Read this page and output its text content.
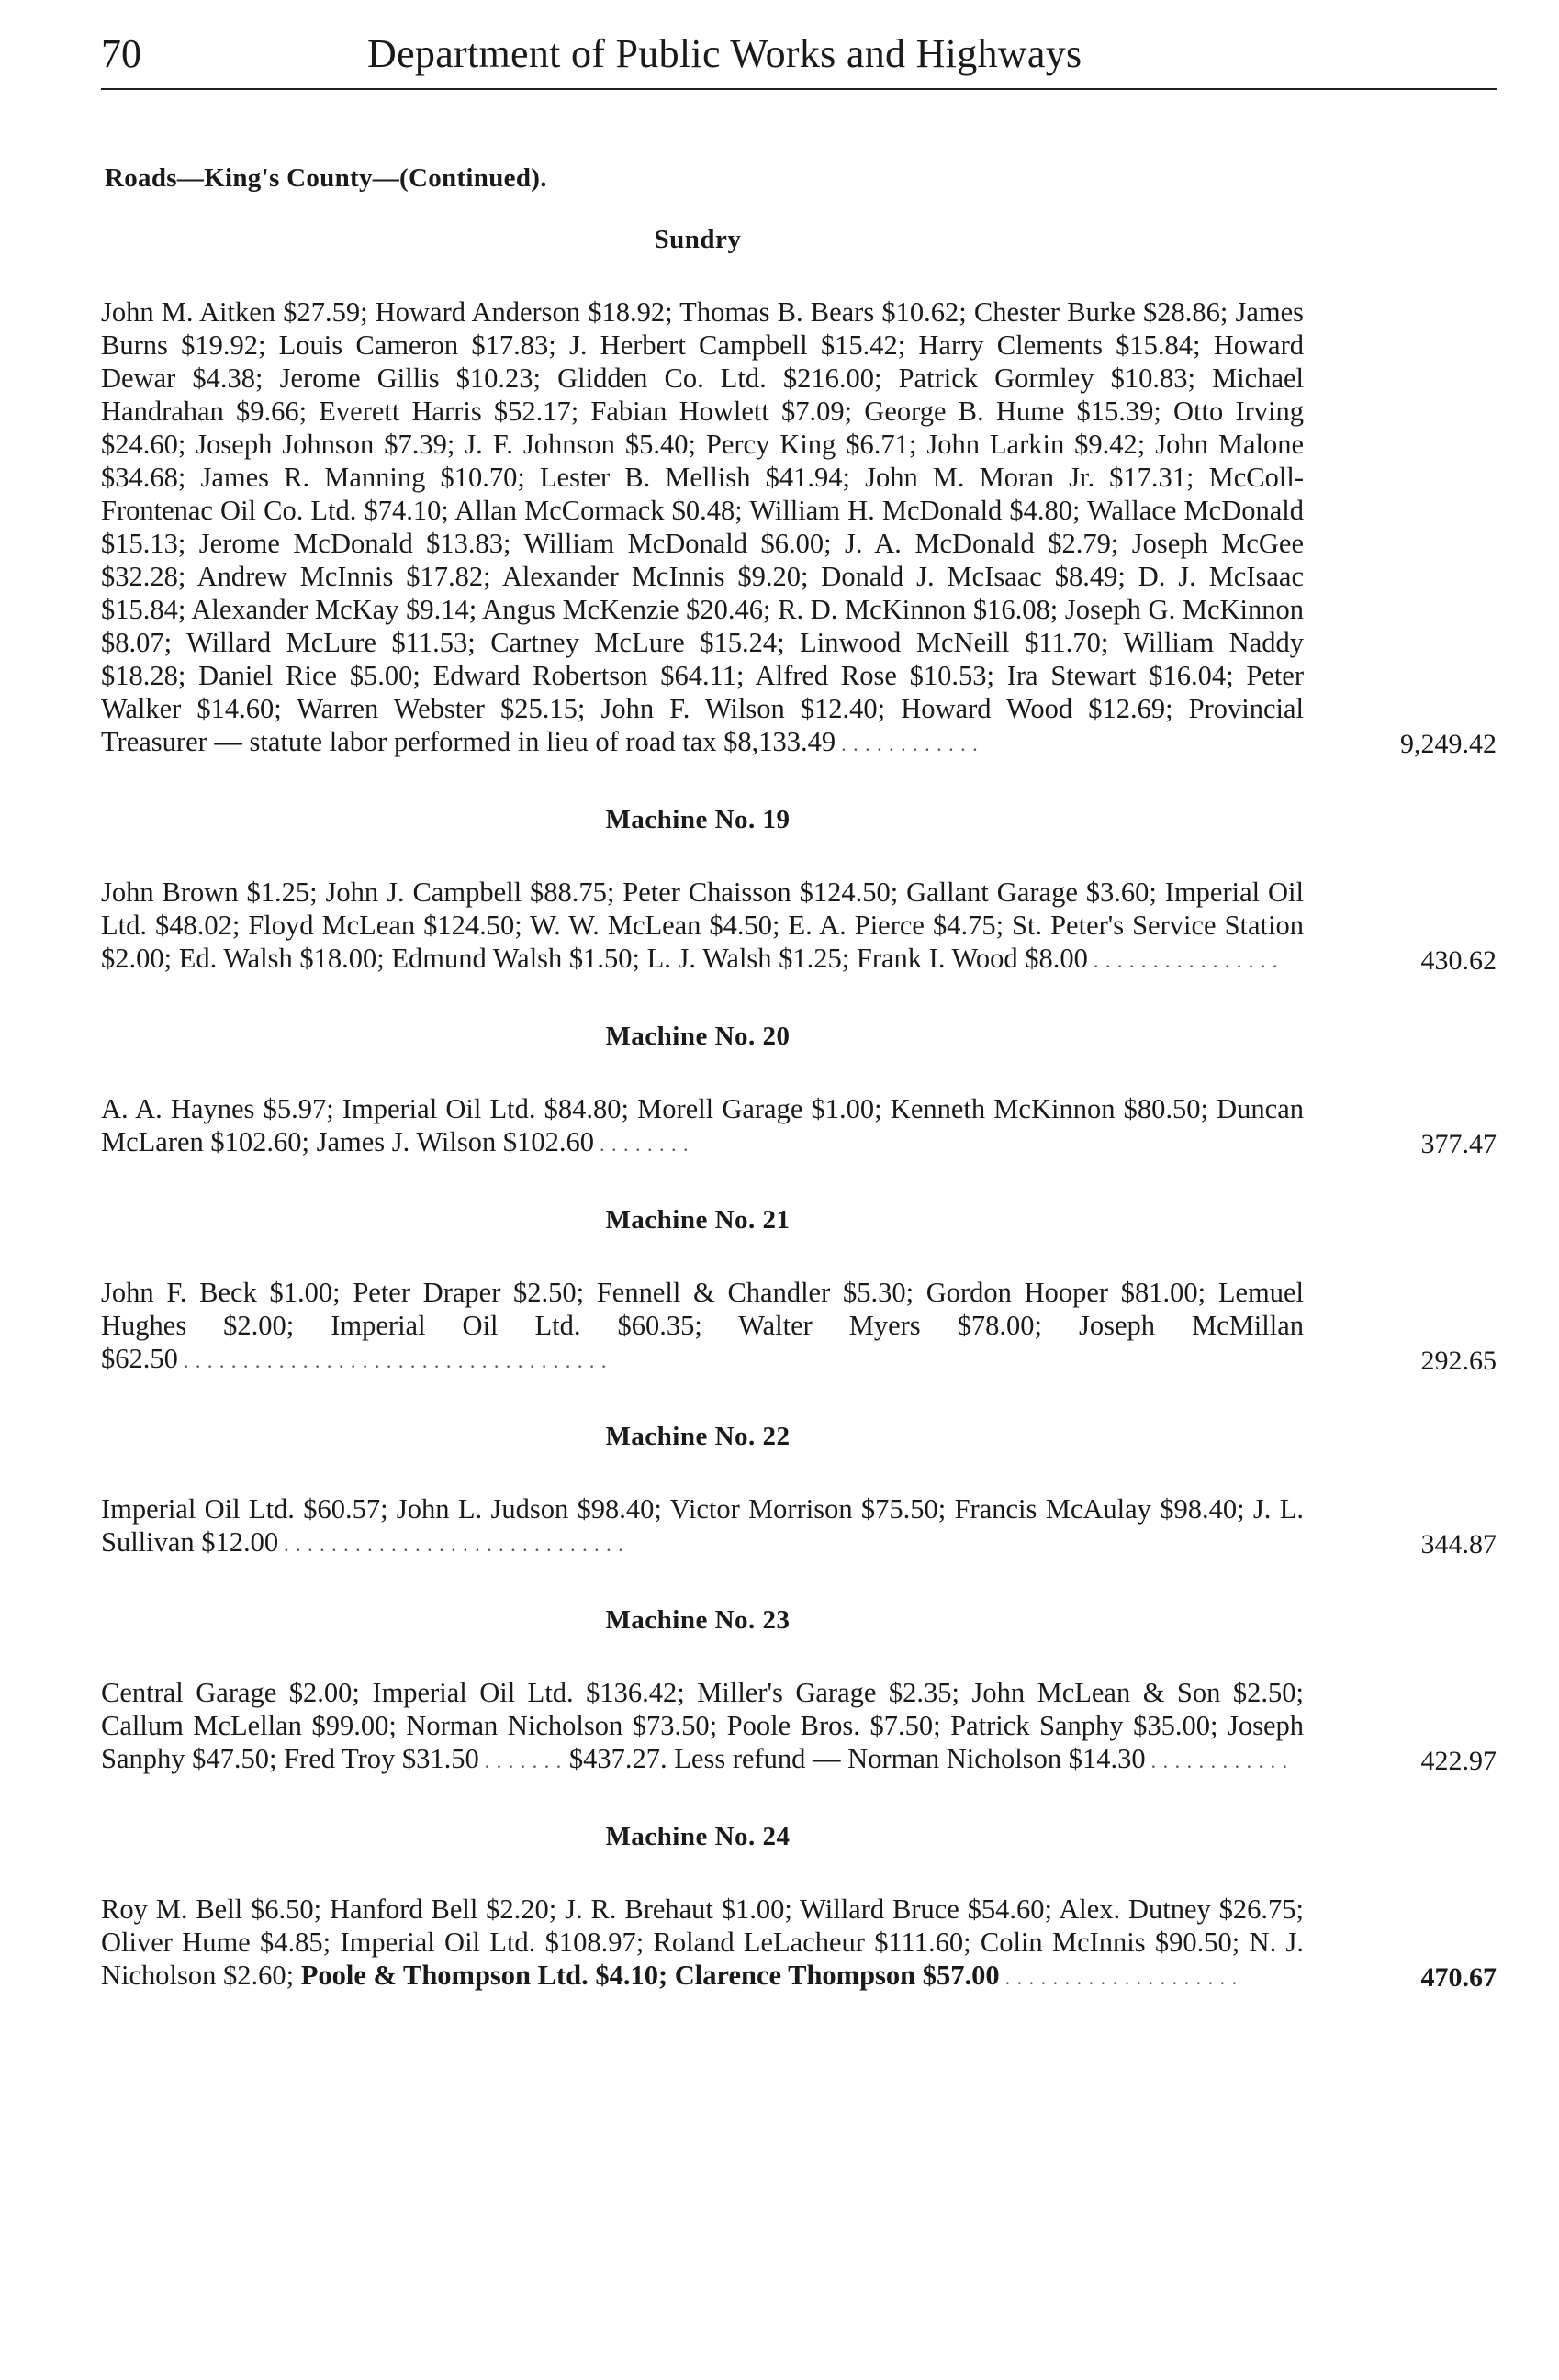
70	Department of Public Works and Highways
Roads—King's County—(Continued).
Sundry
John M. Aitken $27.59; Howard Anderson $18.92; Thomas B. Bears $10.62; Chester Burke $28.86; James Burns $19.92; Louis Cameron $17.83; J. Herbert Campbell $15.42; Harry Clements $15.84; Howard Dewar $4.38; Jerome Gillis $10.23; Glidden Co. Ltd. $216.00; Patrick Gormley $10.83; Michael Handrahan $9.66; Everett Harris $52.17; Fabian Howlett $7.09; George B. Hume $15.39; Otto Irving $24.60; Joseph Johnson $7.39; J. F. Johnson $5.40; Percy King $6.71; John Larkin $9.42; John Malone $34.68; James R. Manning $10.70; Lester B. Mellish $41.94; John M. Moran Jr. $17.31; McColl-Frontenac Oil Co. Ltd. $74.10; Allan McCormack $0.48; William H. McDonald $4.80; Wallace McDonald $15.13; Jerome McDonald $13.83; William McDonald $6.00; J. A. McDonald $2.79; Joseph McGee $32.28; Andrew McInnis $17.82; Alexander McInnis $9.20; Donald J. McIsaac $8.49; D. J. McIsaac $15.84; Alexander McKay $9.14; Angus McKenzie $20.46; R. D. McKinnon $16.08; Joseph G. McKinnon $8.07; Willard McLure $11.53; Cartney McLure $15.24; Linwood McNeill $11.70; William Naddy $18.28; Daniel Rice $5.00; Edward Robertson $64.11; Alfred Rose $10.53; Ira Stewart $16.04; Peter Walker $14.60; Warren Webster $25.15; John F. Wilson $12.40; Howard Wood $12.69; Provincial Treasurer — statute labor performed in lieu of road tax $8,133.49 . . . . . . . . . . . .	9,249.42
Machine No. 19
John Brown $1.25; John J. Campbell $88.75; Peter Chaisson $124.50; Gallant Garage $3.60; Imperial Oil Ltd. $48.02; Floyd McLean $124.50; W. W. McLean $4.50; E. A. Pierce $4.75; St. Peter's Service Station $2.00; Ed. Walsh $18.00; Edmund Walsh $1.50; L. J. Walsh $1.25; Frank I. Wood $8.00 . . . . . . . . . . . . . . . .	430.62
Machine No. 20
A. A. Haynes $5.97; Imperial Oil Ltd. $84.80; Morell Garage $1.00; Kenneth McKinnon $80.50; Duncan McLaren $102.60; James J. Wilson $102.60 . . . . . . . .	377.47
Machine No. 21
John F. Beck $1.00; Peter Draper $2.50; Fennell & Chandler $5.30; Gordon Hooper $81.00; Lemuel Hughes $2.00; Imperial Oil Ltd. $60.35; Walter Myers $78.00; Joseph McMillan $62.50 . . . . . . . . . . . . . . . . . . . . . . . . . . . . . . . . . . . .	292.65
Machine No. 22
Imperial Oil Ltd. $60.57; John L. Judson $98.40; Victor Morrison $75.50; Francis McAulay $98.40; J. L. Sullivan $12.00 . . . . . . . . . . . . . . . . . . . . . . . . . . . . .	344.87
Machine No. 23
Central Garage $2.00; Imperial Oil Ltd. $136.42; Miller's Garage $2.35; John McLean & Son $2.50; Callum McLellan $99.00; Norman Nicholson $73.50; Poole Bros. $7.50; Patrick Sanphy $35.00; Joseph Sanphy $47.50; Fred Troy $31.50 . . . . . . . $437.27. Less refund — Norman Nicholson $14.30 . . . . . . . . . . . .	422.97
Machine No. 24
Roy M. Bell $6.50; Hanford Bell $2.20; J. R. Brehaut $1.00; Willard Bruce $54.60; Alex. Dutney $26.75; Oliver Hume $4.85; Imperial Oil Ltd. $108.97; Roland LeLacheur $111.60; Colin McInnis $90.50; N. J. Nicholson $2.60; Poole & Thompson Ltd. $4.10; Clarence Thompson $57.00 . . . . . . . . . . . . . . . . . . . .	470.67
